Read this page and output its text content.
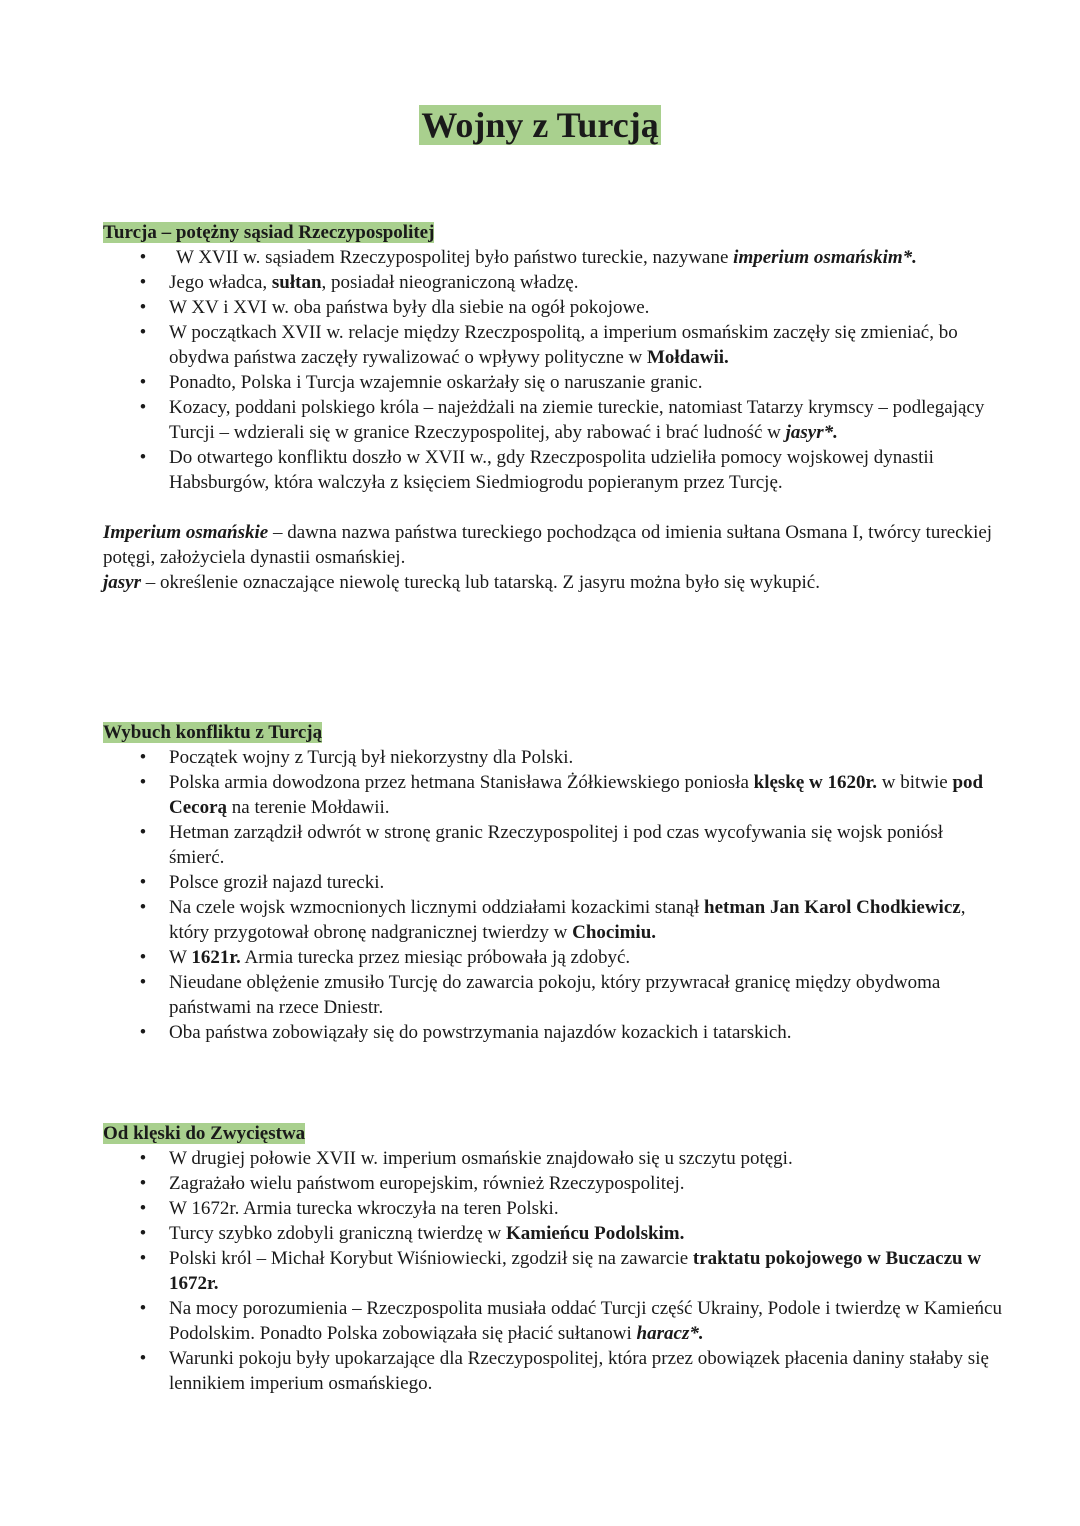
Wojny z Turcją
Turcja – potężny sąsiad Rzeczypospolitej
• W XVII w. sąsiadem Rzeczypospolitej było państwo tureckie, nazywane imperium osmańskim*.
• Jego władca, sułtan, posiadał nieograniczoną władzę.
• W XV i XVI w. oba państwa były dla siebie na ogół pokojowe.
• W początkach XVII w. relacje między Rzeczpospolitą, a imperium osmańskim zaczęły się zmieniać, bo obydwa państwa zaczęły rywalizować o wpływy polityczne w Mołdawii.
• Ponadto, Polska i Turcja wzajemnie oskarżały się o naruszanie granic.
• Kozacy, poddani polskiego króla – najeżdżali na ziemie tureckie, natomiast Tatarzy krymscy – podlegający Turcji – wdzierali się w granice Rzeczypospolitej, aby rabować i brać ludność w jasyr*.
• Do otwartego konfliktu doszło w XVII w., gdy Rzeczpospolita udzieliła pomocy wojskowej dynastii Habsburgów, która walczyła z księciem Siedmiogrodu popieranym przez Turcję.

Imperium osmańskie – dawna nazwa państwa tureckiego pochodząca od imienia sułtana Osmana I, twórcy tureckiej potęgi, założyciela dynastii osmańskiej.

jasyr – określenie oznaczające niewolę turecką lub tatarską. Z jasyru można było się wykupić.

Wybuch konfliktu z Turcją
• Początek wojny z Turcją był niekorzystny dla Polski.
• Polska armia dowodzona przez hetmana Stanisława Żółkiewskiego poniosła klęskę w 1620r. w bitwie pod Cecorą na terenie Mołdawii.
• Hetman zarządził odwrót w stronę granic Rzeczypospolitej i pod czas wycofywania się wojsk poniósł śmierć.
• Polsce groził najazd turecki.
• Na czele wojsk wzmocnionych licznymi oddziałami kozackimi stanął hetman Jan Karol Chodkiewicz, który przygotował obronę nadgranicznej twierdzy w Chocimiu.
• W 1621r. Armia turecka przez miesiąc próbowała ją zdobyć.
• Nieudane oblężenie zmusiło Turcję do zawarcia pokoju, który przywracał granicę między obydwoma państwami na rzece Dniestr.
• Oba państwa zobowiązały się do powstrzymania najazdów kozackich i tatarskich.
Od klęski do Zwycięstwa
• W drugiej połowie XVII w. imperium osmańskie znajdowało się u szczytu potęgi.
• Zagrażało wielu państwom europejskim, również Rzeczypospolitej.
• W 1672r. Armia turecka wkroczyła na teren Polski.
• Turcy szybko zdobyli graniczną twierdzę w Kamieńcu Podolskim.
• Polski król – Michał Korybut Wiśniowiecki, zgodził się na zawarcie traktatu pokojowego w Buczaczu w 1672r.
• Na mocy porozumienia – Rzeczpospolita musiała oddać Turcji część Ukrainy, Podole i twierdzę w Kamieńcu Podolskim. Ponadto Polska zobowiązała się płacić sułtanowi haracz*.
• Warunki pokoju były upokarzające dla Rzeczypospolitej, która przez obowiązek płacenia daniny stałaby się lennikiem imperium osmańskiego.
